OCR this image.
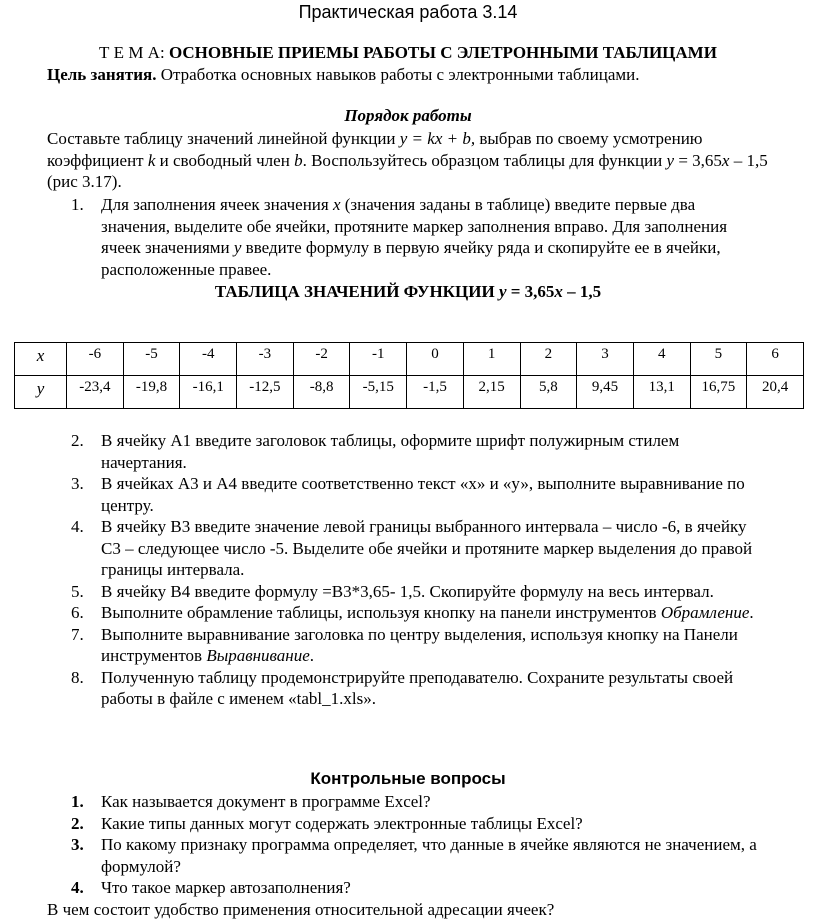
Практическая работа 3.14
Т Е М А: ОСНОВНЫЕ ПРИЕМЫ РАБОТЫ С ЭЛЕТРОННЫМИ ТАБЛИЦАМИ
Цель занятия. Отработка основных навыков работы с электронными таблицами.
Порядок работы
Составьте таблицу значений линейной функции y = kx + b, выбрав по своему усмотрению коэффициент k и свободный член b. Воспользуйтесь образцом таблицы для функции y = 3,65x – 1,5 (рис 3.17).
1. Для заполнения ячеек значения x (значения заданы в таблице) введите первые два значения, выделите обе ячейки, протяните маркер заполнения вправо. Для заполнения ячеек значениями y введите формулу в первую ячейку ряда и скопируйте ее в ячейки, расположенные правее.
ТАБЛИЦА ЗНАЧЕНИЙ ФУНКЦИИ y = 3,65x – 1,5
x	-6	-5	-4	-3	-2	-1	0	1	2	3	4	5	6
y	-23,4	-19,8	-16,1	-12,5	-8,8	-5,15	-1,5	2,15	5,8	9,45	13,1	16,75	20,4
2. В ячейку А1 введите заголовок таблицы, оформите шрифт полужирным стилем начертания.
3. В ячейках А3 и А4 введите соответственно текст «х» и «у», выполните выравнивание по центру.
4. В ячейку В3 введите значение левой границы выбранного интервала – число -6, в ячейку С3 – следующее число -5. Выделите обе ячейки и протяните маркер выделения до правой границы интервала.
5. В ячейку В4 введите формулу =В3*3,65- 1,5. Скопируйте формулу на весь интервал.
6. Выполните обрамление таблицы, используя кнопку на панели инструментов Обрамление.
7. Выполните выравнивание заголовка по центру выделения, используя кнопку на Панели инструментов Выравнивание.
8. Полученную таблицу продемонстрируйте преподавателю. Сохраните результаты своей работы в файле с именем «tabl_1.xls».
Контрольные вопросы
1. Как называется документ в программе Excel?
2. Какие типы данных могут содержать электронные таблицы Excel?
3. По какому признаку программа определяет, что данные в ячейке являются не значением, а формулой?
4. Что такое маркер автозаполнения?
В чем состоит удобство применения относительной адресации ячеек?
